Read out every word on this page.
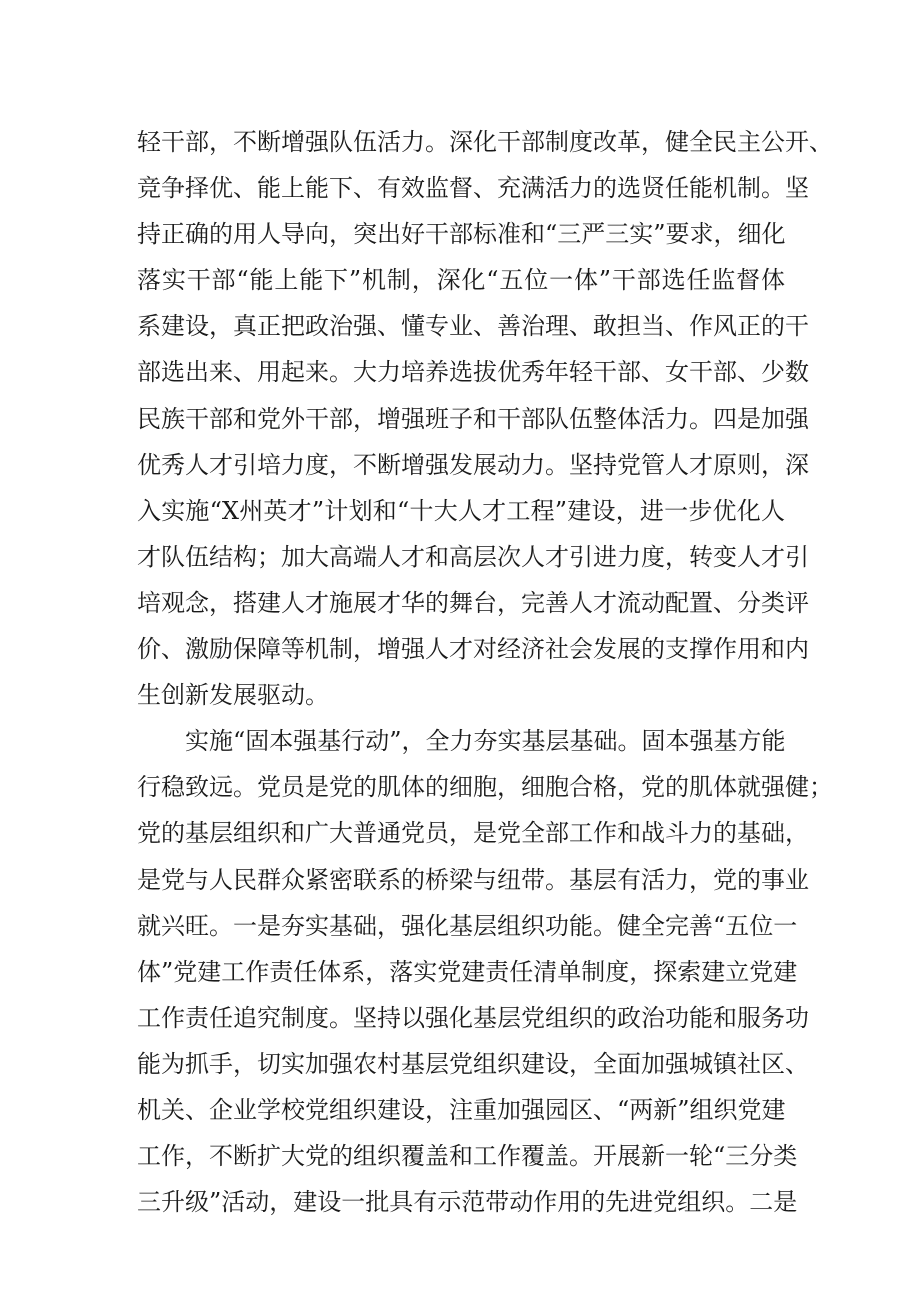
轻干部，不断增强队伍活力。深化干部制度改革，健全民主公开、
竞争择优、能上能下、有效监督、充满活力的选贤任能机制。坚
持正确的用人导向，突出好干部标准和“三严三实”要求，细化
落实干部“能上能下”机制，深化“五位一体”干部选任监督体
系建设，真正把政治强、懂专业、善治理、敢担当、作风正的干
部选出来、用起来。大力培养选拔优秀年轻干部、女干部、少数
民族干部和党外干部，增强班子和干部队伍整体活力。四是加强
优秀人才引培力度，不断增强发展动力。坚持党管人才原则，深
入实施“X州英才”计划和“十大人才工程”建设，进一步优化人
才队伍结构；加大高端人才和高层次人才引进力度，转变人才引
培观念，搭建人才施展才华的舞台，完善人才流动配置、分类评
价、激励保障等机制，增强人才对经济社会发展的支撑作用和内
生创新发展驱动。
实施“固本强基行动”，全力夯实基层基础。固本强基方能
行稳致远。党员是党的肌体的细胞，细胞合格，党的肌体就强健；
党的基层组织和广大普通党员，是党全部工作和战斗力的基础，
是党与人民群众紧密联系的桥梁与纽带。基层有活力，党的事业
就兴旺。一是夯实基础，强化基层组织功能。健全完善“五位一
体”党建工作责任体系，落实党建责任清单制度，探索建立党建
工作责任追究制度。坚持以强化基层党组织的政治功能和服务功
能为抓手，切实加强农村基层党组织建设，全面加强城镇社区、
机关、企业学校党组织建设，注重加强园区、“两新”组织党建
工作，不断扩大党的组织覆盖和工作覆盖。开展新一轮“三分类
三升级”活动，建设一批具有示范带动作用的先进党组织。二是
